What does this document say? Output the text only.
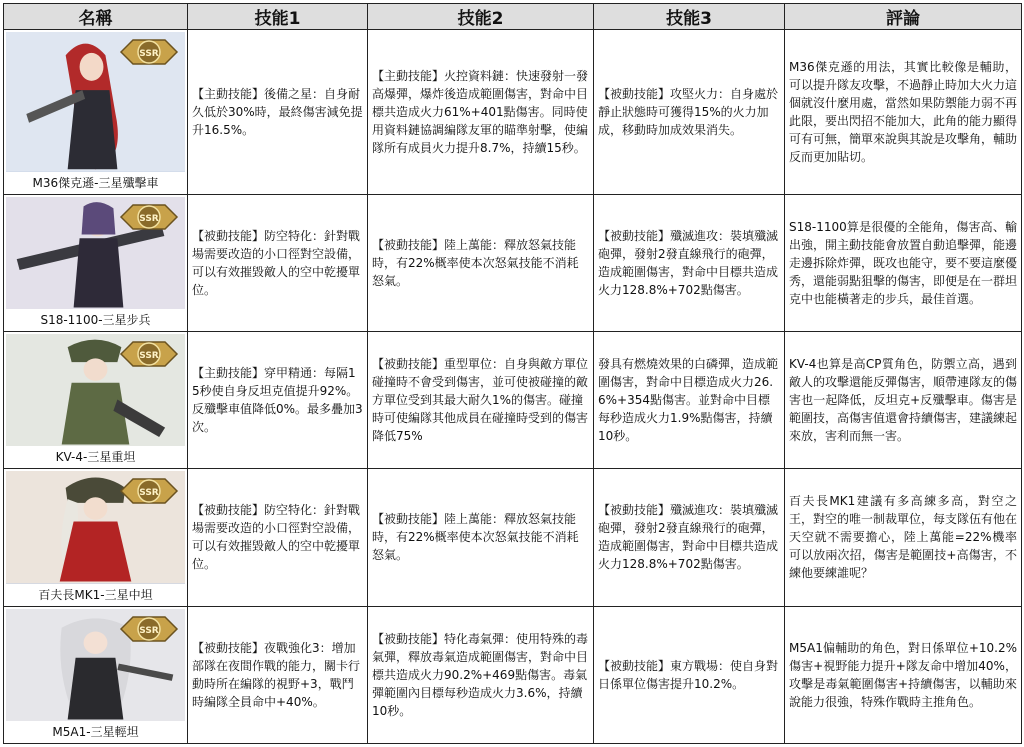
名稱	技能1	技能2	技能3	評論

SSR
M36傑克遜-三星殲擊車	【主動技能】後備之星：自身耐久低於30%時，最終傷害減免提升16.5%。	【主動技能】火控資料鏈：快速發射一發高爆彈，爆炸後造成範圍傷害，對命中目標共造成火力61%+401點傷害。同時使用資料鏈協調編隊友軍的瞄準射擊，使編隊所有成員火力提升8.7%，持續15秒。	【被動技能】攻堅火力：自身處於靜止狀態時可獲得15%的火力加成，移動時加成效果消失。	M36傑克遜的用法，其實比較像是輔助，可以提升隊友攻擊，不過靜止時加大火力這個就沒什麼用處，當然如果防禦能力弱不再此限，要出閃招不能加大，此角的能力顯得可有可無，簡單來說與其說是攻擊角，輔助反而更加貼切。

SSR
S18-1100-三星步兵	【被動技能】防空特化：針對戰場需要改造的小口徑對空設備，可以有效摧毀敵人的空中乾擾單位。	【被動技能】陸上萬能：釋放怒氣技能時，有22%概率使本次怒氣技能不消耗怒氣。	【被動技能】殲滅進攻：裝填殲滅砲彈，發射2發直線飛行的砲彈，造成範圍傷害，對命中目標共造成火力128.8%+702點傷害。	S18-1100算是很優的全能角，傷害高、輸出強，開主動技能會放置自動追擊彈，能邊走邊拆除炸彈，既攻也能守，要不要這麼優秀，還能弱點狙擊的傷害，即便是在一群坦克中也能橫著走的步兵，最佳首選。

SSR
KV-4-三星重坦	【主動技能】穿甲精通：每隔15秒使自身反坦克值提升92%。反殲擊車值降低0%。最多疊加3次。	【被動技能】重型單位：自身與敵方單位碰撞時不會受到傷害，並可使被碰撞的敵方單位受到其最大耐久1%的傷害。碰撞時可使編隊其他成員在碰撞時受到的傷害降低75%	發具有燃燒效果的白磷彈，造成範圍傷害，對命中目標造成火力26.6%+354點傷害。並對命中目標每秒造成火力1.9%點傷害，持續10秒。	KV-4也算是高CP質角色，防禦立高，遇到敵人的攻擊還能反彈傷害，順帶連隊友的傷害也一起降低，反坦克+反殲擊車。傷害是範圍技，高傷害值還會持續傷害，建議練起來放，害利而無一害。

SSR
百夫長MK1-三星中坦	【被動技能】防空特化：針對戰場需要改造的小口徑對空設備，可以有效摧毀敵人的空中乾擾單位。	【被動技能】陸上萬能：釋放怒氣技能時，有22%概率使本次怒氣技能不消耗怒氣。	【被動技能】殲滅進攻：裝填殲滅砲彈，發射2發直線飛行的砲彈，造成範圍傷害，對命中目標共造成火力128.8%+702點傷害。	百夫長MK1建議有多高練多高，對空之王，對空的唯一制裁單位，每支隊伍有他在天空就不需要擔心，陸上萬能=22%機率可以放兩次招，傷害是範圍技+高傷害，不練他要練誰呢？

SSR
M5A1-三星輕坦	【被動技能】夜戰強化3：增加部隊在夜間作戰的能力，關卡行動時所在編隊的視野+3，戰鬥時編隊全員命中+40%。	【被動技能】特化毒氣彈：使用特殊的毒氣彈，釋放毒氣造成範圍傷害，對命中目標共造成火力90.2%+469點傷害。毒氣彈範圍內目標每秒造成火力3.6%，持續10秒。	【被動技能】東方戰場：使自身對日係單位傷害提升10.2%。	M5A1偏輔助的角色，對日係單位+10.2%傷害+視野能力提升+隊友命中增加40%，攻擊是毒氣範圍傷害+持續傷害，以輔助來說能力很強，特殊作戰時主推角色。
